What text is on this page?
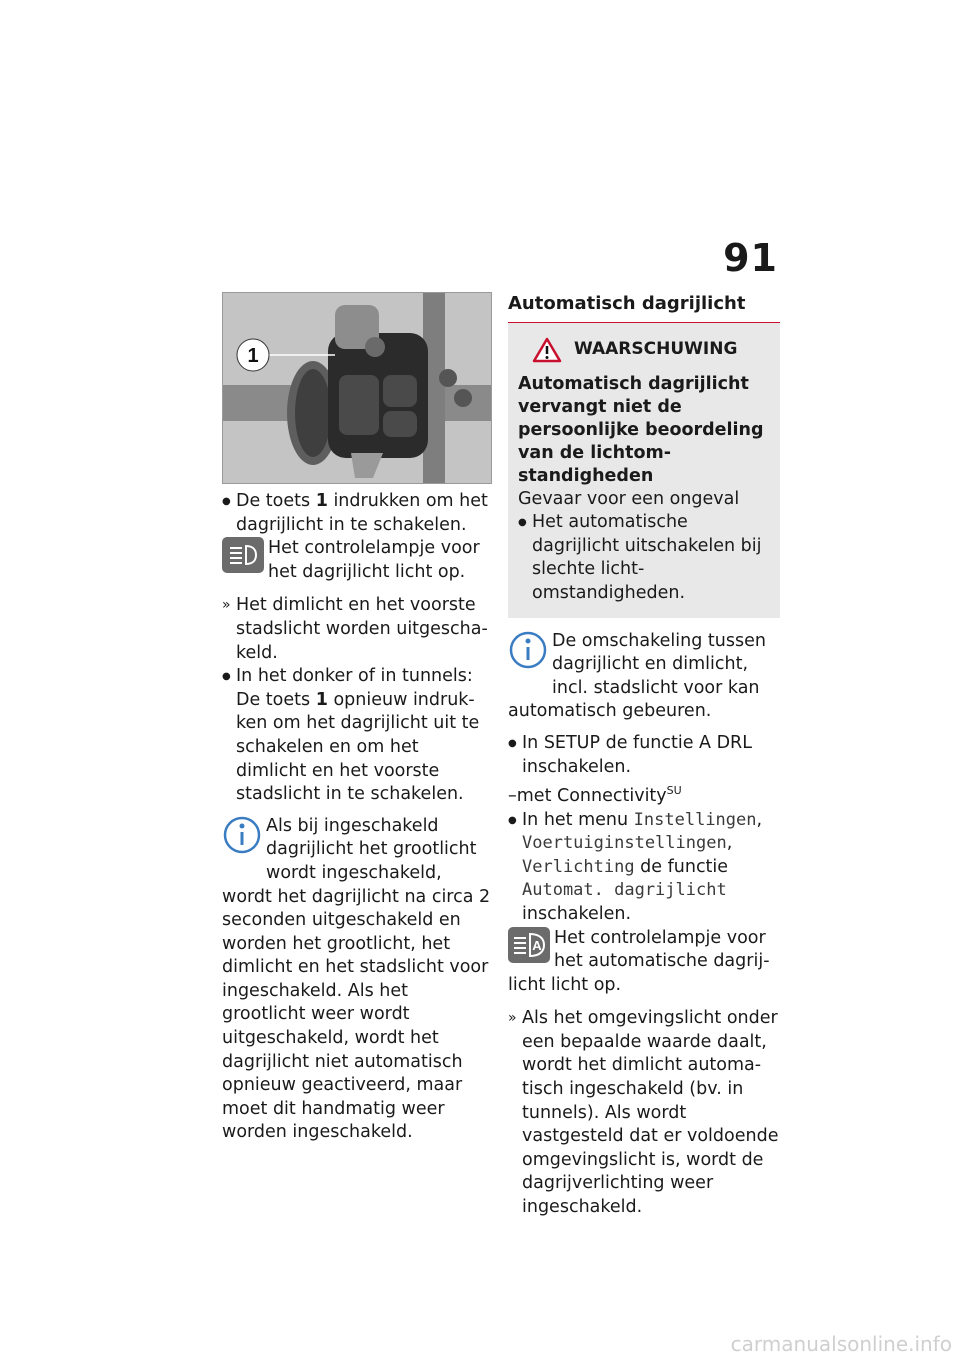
91
1
● De toets 1 indrukken om het dagrijlicht in te schakelen.
Het controlelampje voor het dagrijlicht licht op.
» Het dimlicht en het voorste stadslicht worden uitgeschakeld.
● In het donker of in tunnels:
De toets 1 opnieuw indrukken om het dagrijlicht uit te schakelen en om het dimlicht en het voorste stadslicht in te schakelen.
Als bij ingeschakeld dagrijlicht het grootlicht wordt ingeschakeld, wordt het dagrijlicht na circa 2 seconden uitgeschakeld en worden het grootlicht, het dimlicht en het stadslicht voor ingeschakeld. Als het grootlicht weer wordt uitgeschakeld, wordt het dagrijlicht niet automatisch opnieuw geactiveerd, maar moet dit handmatig weer worden ingeschakeld.
Automatisch dagrijlicht
WAARSCHUWING
Automatisch dagrijlicht vervangt niet de persoonlijke beoordeling van de lichtomstandigheden
Gevaar voor een ongeval
● Het automatische dagrijlicht uitschakelen bij slechte lichtomstandigheden.
De omschakeling tussen dagrijlicht en dimlicht, incl. stadslicht voor kan automatisch gebeuren.
● In SETUP de functie A DRL inschakelen.
–met Connectivity$^{SU}$
● In het menu Instellingen, Voertuiginstellingen, Verlichting de functie Automat. dagrijlicht
inschakelen.
A Het controlelampje voor het automatische dagrijlicht licht op.
» Als het omgevingslicht onder een bepaalde waarde daalt, wordt het dimlicht automatisch ingeschakeld (bv. in tunnels). Als wordt vastgesteld dat er voldoende omgevingslicht is, wordt de dagrijverlichting weer ingeschakeld.
carmanualsonline.info
